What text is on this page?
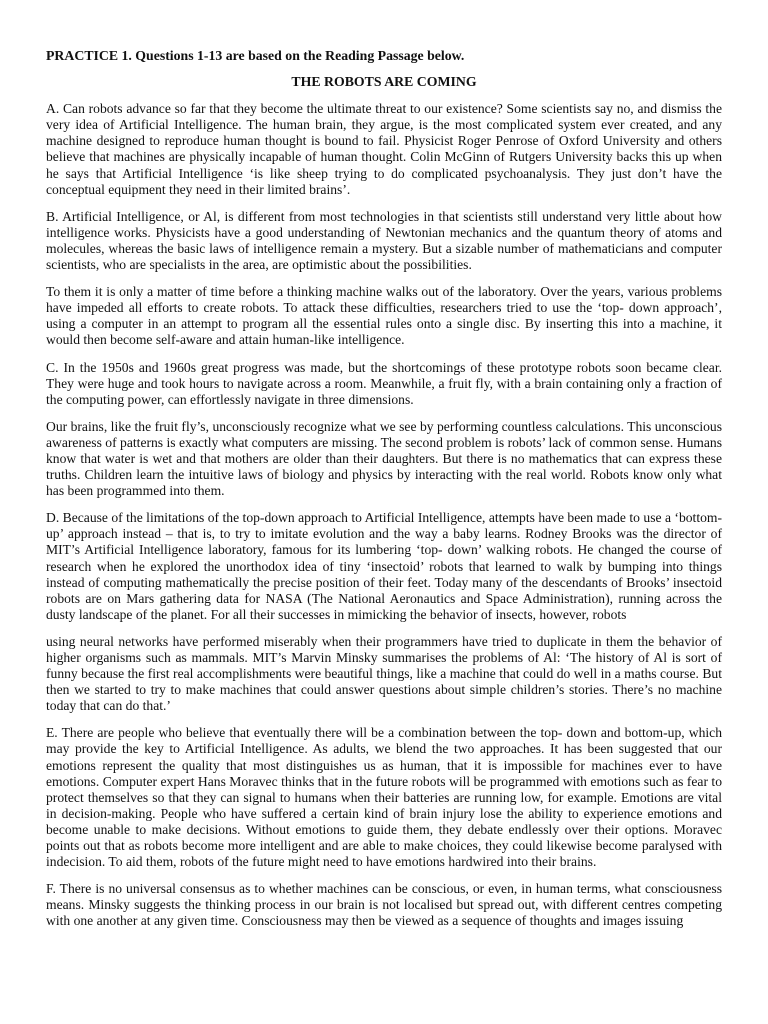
PRACTICE 1. Questions 1-13 are based on the Reading Passage below.
THE ROBOTS ARE COMING

A. Can robots advance so far that they become the ultimate threat to our existence? Some scientists say no, and dismiss the very idea of Artificial Intelligence. The human brain, they argue, is the most complicated system ever created, and any machine designed to reproduce human thought is bound to fail. Physicist Roger Penrose of Oxford University and others believe that machines are physically incapable of human thought. Colin McGinn of Rutgers University backs this up when he says that Artificial Intelligence ‘is like sheep trying to do complicated psychoanalysis. They just don’t have the conceptual equipment they need in their limited brains’.

B. Artificial Intelligence, or Al, is different from most technologies in that scientists still understand very little about how intelligence works. Physicists have a good understanding of Newtonian mechanics and the quantum theory of atoms and molecules, whereas the basic laws of intelligence remain a mystery. But a sizable number of mathematicians and computer scientists, who are specialists in the area, are optimistic about the possibilities.

To them it is only a matter of time before a thinking machine walks out of the laboratory. Over the years, various problems have impeded all efforts to create robots. To attack these difficulties, researchers tried to use the ‘top- down approach’, using a computer in an attempt to program all the essential rules onto a single disc. By inserting this into a machine, it would then become self-aware and attain human-like intelligence.

C. In the 1950s and 1960s great progress was made, but the shortcomings of these prototype robots soon became clear. They were huge and took hours to navigate across a room. Meanwhile, a fruit fly, with a brain containing only a fraction of the computing power, can effortlessly navigate in three dimensions.

Our brains, like the fruit fly’s, unconsciously recognize what we see by performing countless calculations. This unconscious awareness of patterns is exactly what computers are missing. The second problem is robots’ lack of common sense. Humans know that water is wet and that mothers are older than their daughters. But there is no mathematics that can express these truths. Children learn the intuitive laws of biology and physics by interacting with the real world. Robots know only what has been programmed into them.

D. Because of the limitations of the top-down approach to Artificial Intelligence, attempts have been made to use a ‘bottom-up’ approach instead – that is, to try to imitate evolution and the way a baby learns. Rodney Brooks was the director of MIT’s Artificial Intelligence laboratory, famous for its lumbering ‘top- down’ walking robots. He changed the course of research when he explored the unorthodox idea of tiny ‘insectoid’ robots that learned to walk by bumping into things instead of computing mathematically the precise position of their feet. Today many of the descendants of Brooks’ insectoid robots are on Mars gathering data for NASA (The National Aeronautics and Space Administration), running across the dusty landscape of the planet. For all their successes in mimicking the behavior of insects, however, robots

using neural networks have performed miserably when their programmers have tried to duplicate in them the behavior of higher organisms such as mammals. MIT’s Marvin Minsky summarises the problems of Al: ‘The history of Al is sort of funny because the first real accomplishments were beautiful things, like a machine that could do well in a maths course. But then we started to try to make machines that could answer questions about simple children’s stories. There’s no machine today that can do that.’

E. There are people who believe that eventually there will be a combination between the top- down and bottom-up, which may provide the key to Artificial Intelligence. As adults, we blend the two approaches. It has been suggested that our emotions represent the quality that most distinguishes us as human, that it is impossible for machines ever to have emotions. Computer expert Hans Moravec thinks that in the future robots will be programmed with emotions such as fear to protect themselves so that they can signal to humans when their batteries are running low, for example. Emotions are vital in decision-making. People who have suffered a certain kind of brain injury lose the ability to experience emotions and become unable to make decisions. Without emotions to guide them, they debate endlessly over their options. Moravec points out that as robots become more intelligent and are able to make choices, they could likewise become paralysed with indecision. To aid them, robots of the future might need to have emotions hardwired into their brains.

F. There is no universal consensus as to whether machines can be conscious, or even, in human terms, what consciousness means. Minsky suggests the thinking process in our brain is not localised but spread out, with different centres competing with one another at any given time. Consciousness may then be viewed as a sequence of thoughts and images issuing
